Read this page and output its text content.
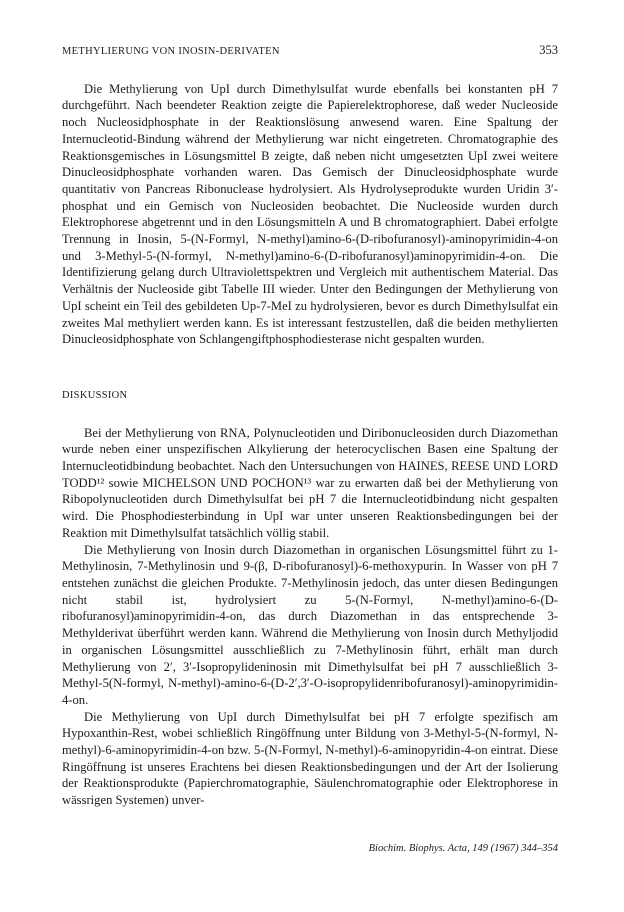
METHYLIERUNG VON INOSIN-DERIVATEN	353

Die Methylierung von UpI durch Dimethylsulfat wurde ebenfalls bei konstanten pH 7 durchgeführt. Nach beendeter Reaktion zeigte die Papierelektrophorese, daß weder Nucleoside noch Nucleosidphosphate in der Reaktionslösung anwesend waren. Eine Spaltung der Internucleotid-Bindung während der Methylierung war nicht eingetreten. Chromatographie des Reaktionsgemisches in Lösungsmittel B zeigte, daß neben nicht umgesetzten UpI zwei weitere Dinucleosidphosphate vorhanden waren. Das Gemisch der Dinucleosidphosphate wurde quantitativ von Pancreas Ribonuclease hydrolysiert. Als Hydrolyseprodukte wurden Uridin 3′-phosphat und ein Gemisch von Nucleosiden beobachtet. Die Nucleoside wurden durch Elektrophorese abgetrennt und in den Lösungsmitteln A und B chromatographiert. Dabei erfolgte Trennung in Inosin, 5-(N-Formyl, N-methyl)amino-6-(D-ribofuranosyl)-aminopyrimidin-4-on und 3-Methyl-5-(N-formyl, N-methyl)amino-6-(D-ribofuranosyl)aminopyrimidin-4-on. Die Identifizierung gelang durch Ultraviolettspektren und Vergleich mit authentischem Material. Das Verhältnis der Nucleoside gibt Tabelle III wieder. Unter den Bedingungen der Methylierung von UpI scheint ein Teil des gebildeten Up-7-MeI zu hydrolysieren, bevor es durch Dimethylsulfat ein zweites Mal methyliert werden kann. Es ist interessant festzustellen, daß die beiden methylierten Dinucleosidphosphate von Schlangengiftphosphodiesterase nicht gespalten wurden.

DISKUSSION

Bei der Methylierung von RNA, Polynucleotiden und Diribonucleosiden durch Diazomethan wurde neben einer unspezifischen Alkylierung der heterocyclischen Basen eine Spaltung der Internucleotidbindung beobachtet. Nach den Untersuchungen von HAINES, REESE UND LORD TODD¹² sowie MICHELSON UND POCHON¹³ war zu erwarten daß bei der Methylierung von Ribopolynucleotiden durch Dimethylsulfat bei pH 7 die Internucleotidbindung nicht gespalten wird. Die Phosphodiesterbindung in UpI war unter unseren Reaktionsbedingungen bei der Reaktion mit Dimethylsulfat tatsächlich völlig stabil.

Die Methylierung von Inosin durch Diazomethan in organischen Lösungsmittel führt zu 1-Methylinosin, 7-Methylinosin und 9-(β, D-ribofuranosyl)-6-methoxypurin. In Wasser von pH 7 entstehen zunächst die gleichen Produkte. 7-Methylinosin jedoch, das unter diesen Bedingungen nicht stabil ist, hydrolysiert zu 5-(N-Formyl, N-methyl)amino-6-(D-ribofuranosyl)aminopyrimidin-4-on, das durch Diazomethan in das entsprechende 3-Methylderivat überführt werden kann. Während die Methylierung von Inosin durch Methyljodid in organischen Lösungsmittel ausschließlich zu 7-Methylinosin führt, erhält man durch Methylierung von 2′, 3′-Isopropylideninosin mit Dimethylsulfat bei pH 7 ausschließlich 3-Methyl-5(N-formyl, N-methyl)-amino-6-(D-2′,3′-O-isopropylidenribofuranosyl)-aminopyrimidin-4-on.

Die Methylierung von UpI durch Dimethylsulfat bei pH 7 erfolgte spezifisch am Hypoxanthin-Rest, wobei schließlich Ringöffnung unter Bildung von 3-Methyl-5-(N-formyl, N-methyl)-6-aminopyrimidin-4-on bzw. 5-(N-Formyl, N-methyl)-6-aminopyridin-4-on eintrat. Diese Ringöffnung ist unseres Erachtens bei diesen Reaktionsbedingungen und der Art der Isolierung der Reaktionsprodukte (Papierchromatographie, Säulenchromatographie oder Elektrophorese in wässrigen Systemen) unver-

Biochim. Biophys. Acta, 149 (1967) 344–354
